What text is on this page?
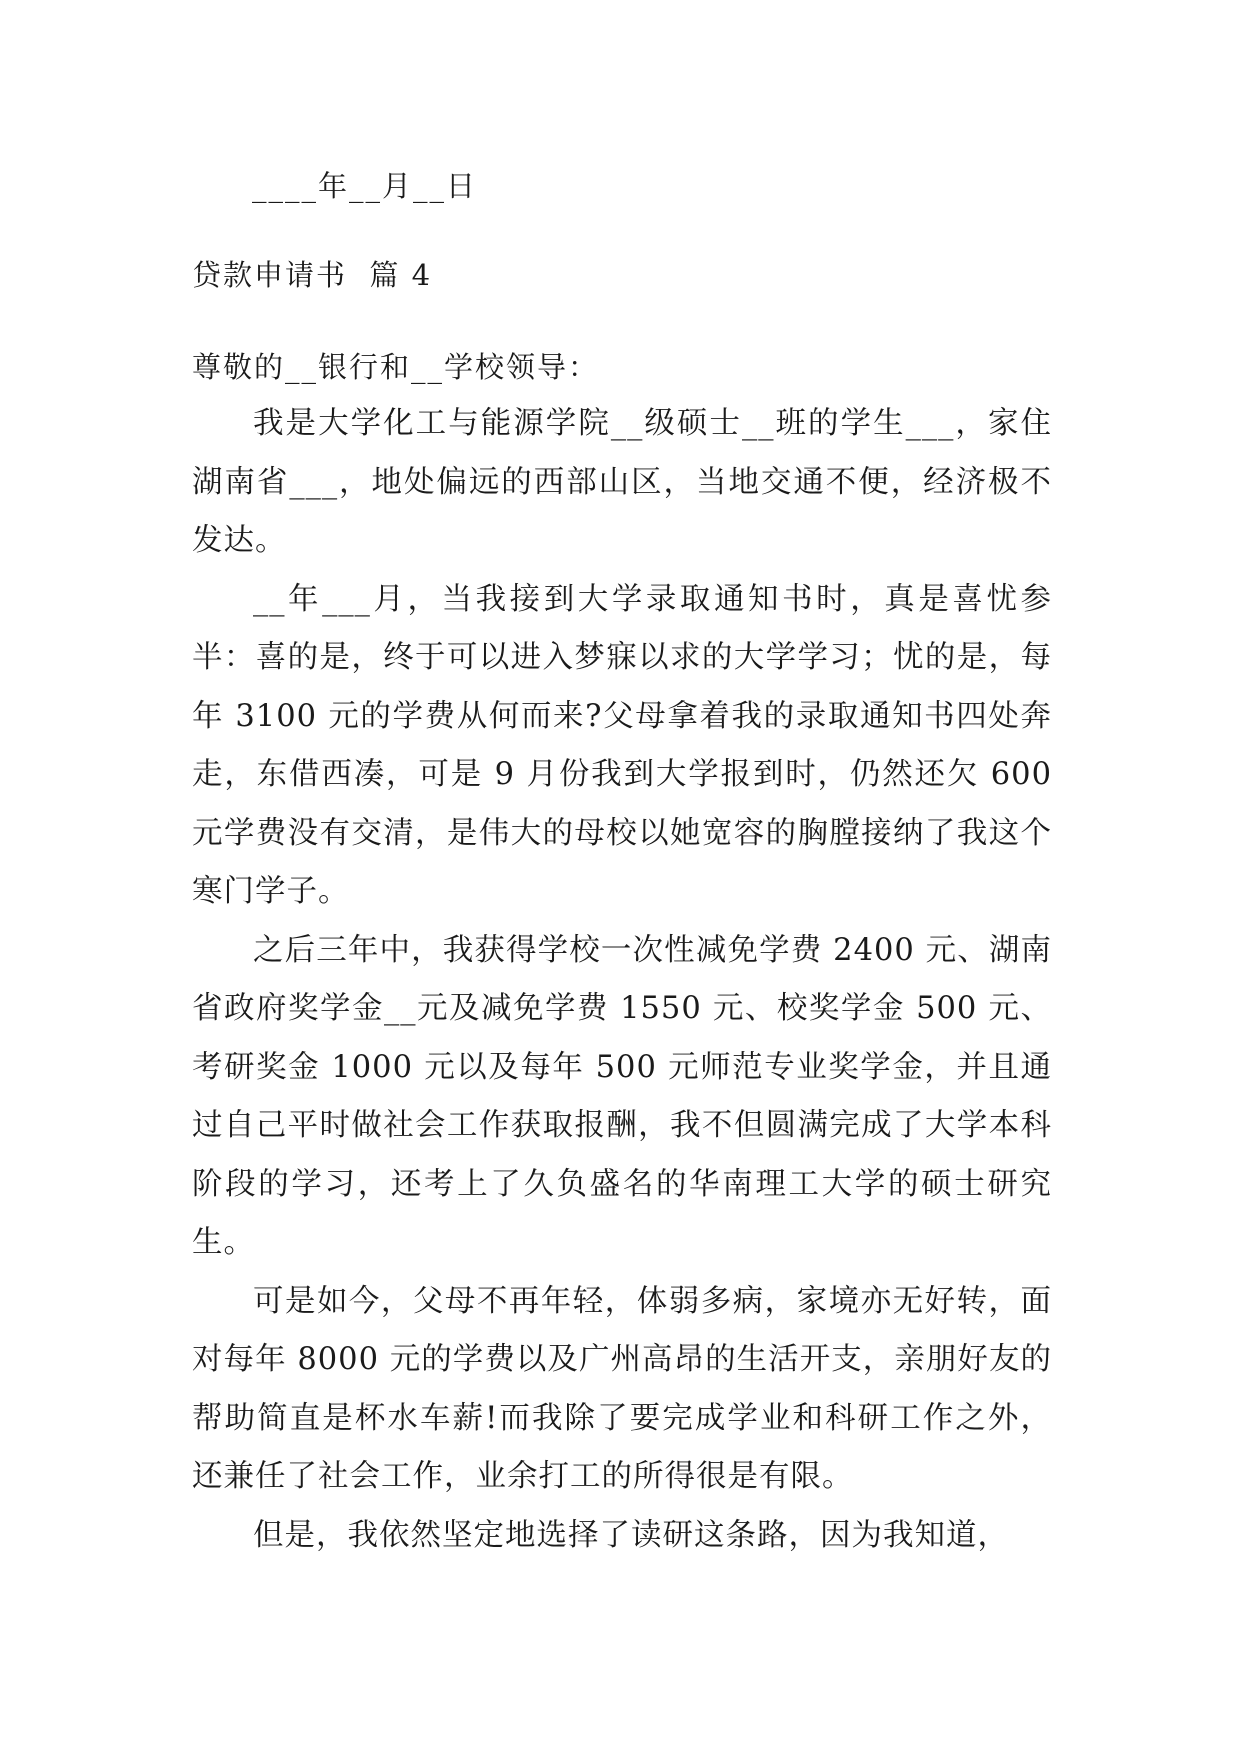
____年__月__日
贷款申请书  篇 4
尊敬的__银行和__学校领导：

我是大学化工与能源学院__级硕士__班的学生___，家住湖南省___，地处偏远的西部山区，当地交通不便，经济极不发达。

__年___月，当我接到大学录取通知书时，真是喜忧参半：喜的是，终于可以进入梦寐以求的大学学习；忧的是，每年 3100 元的学费从何而来?父母拿着我的录取通知书四处奔走，东借西凑，可是 9 月份我到大学报到时，仍然还欠 600 元学费没有交清，是伟大的母校以她宽容的胸膛接纳了我这个寒门学子。

之后三年中，我获得学校一次性减免学费 2400 元、湖南省政府奖学金__元及减免学费 1550 元、校奖学金 500 元、考研奖金 1000 元以及每年 500 元师范专业奖学金，并且通过自己平时做社会工作获取报酬，我不但圆满完成了大学本科阶段的学习，还考上了久负盛名的华南理工大学的硕士研究生。

可是如今，父母不再年轻，体弱多病，家境亦无好转，面对每年 8000 元的学费以及广州高昂的生活开支，亲朋好友的帮助简直是杯水车薪!而我除了要完成学业和科研工作之外，还兼任了社会工作，业余打工的所得很是有限。

但是，我依然坚定地选择了读研这条路，因为我知道，
